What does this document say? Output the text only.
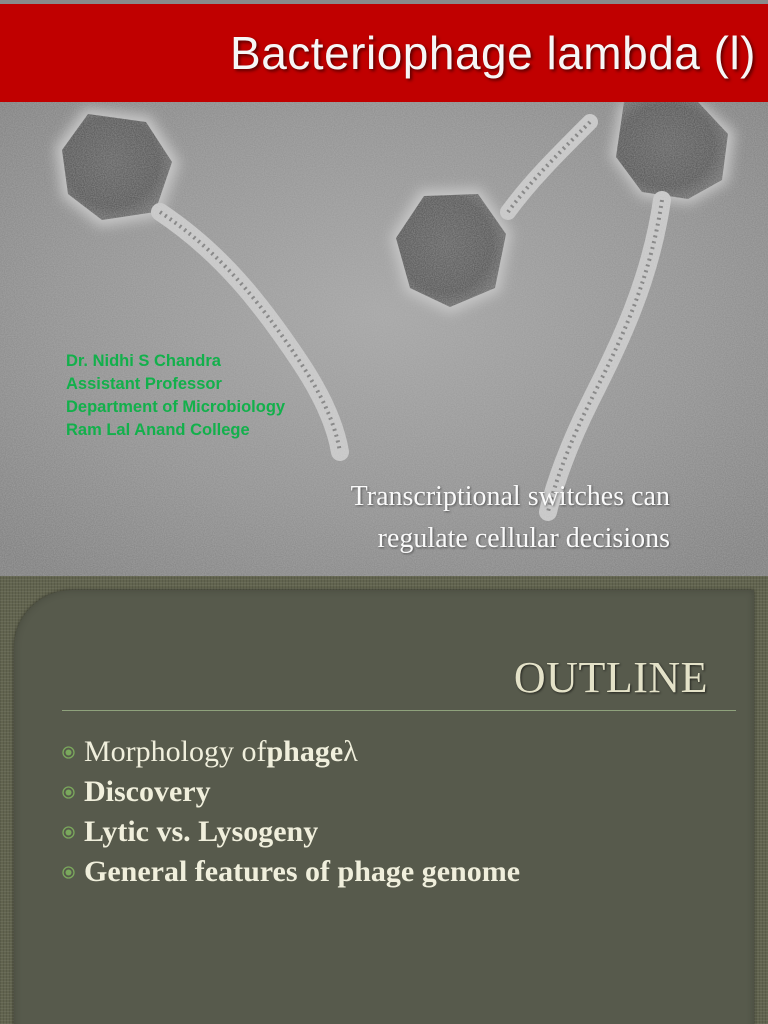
Bacteriophage lambda (l)
Dr. Nidhi S Chandra
Assistant Professor
Department of Microbiology
Ram Lal Anand College
Transcriptional switches can
regulate cellular decisions
OUTLINE
Morphology of phage λ
Discovery
Lytic vs. Lysogeny
General features of phage genome
